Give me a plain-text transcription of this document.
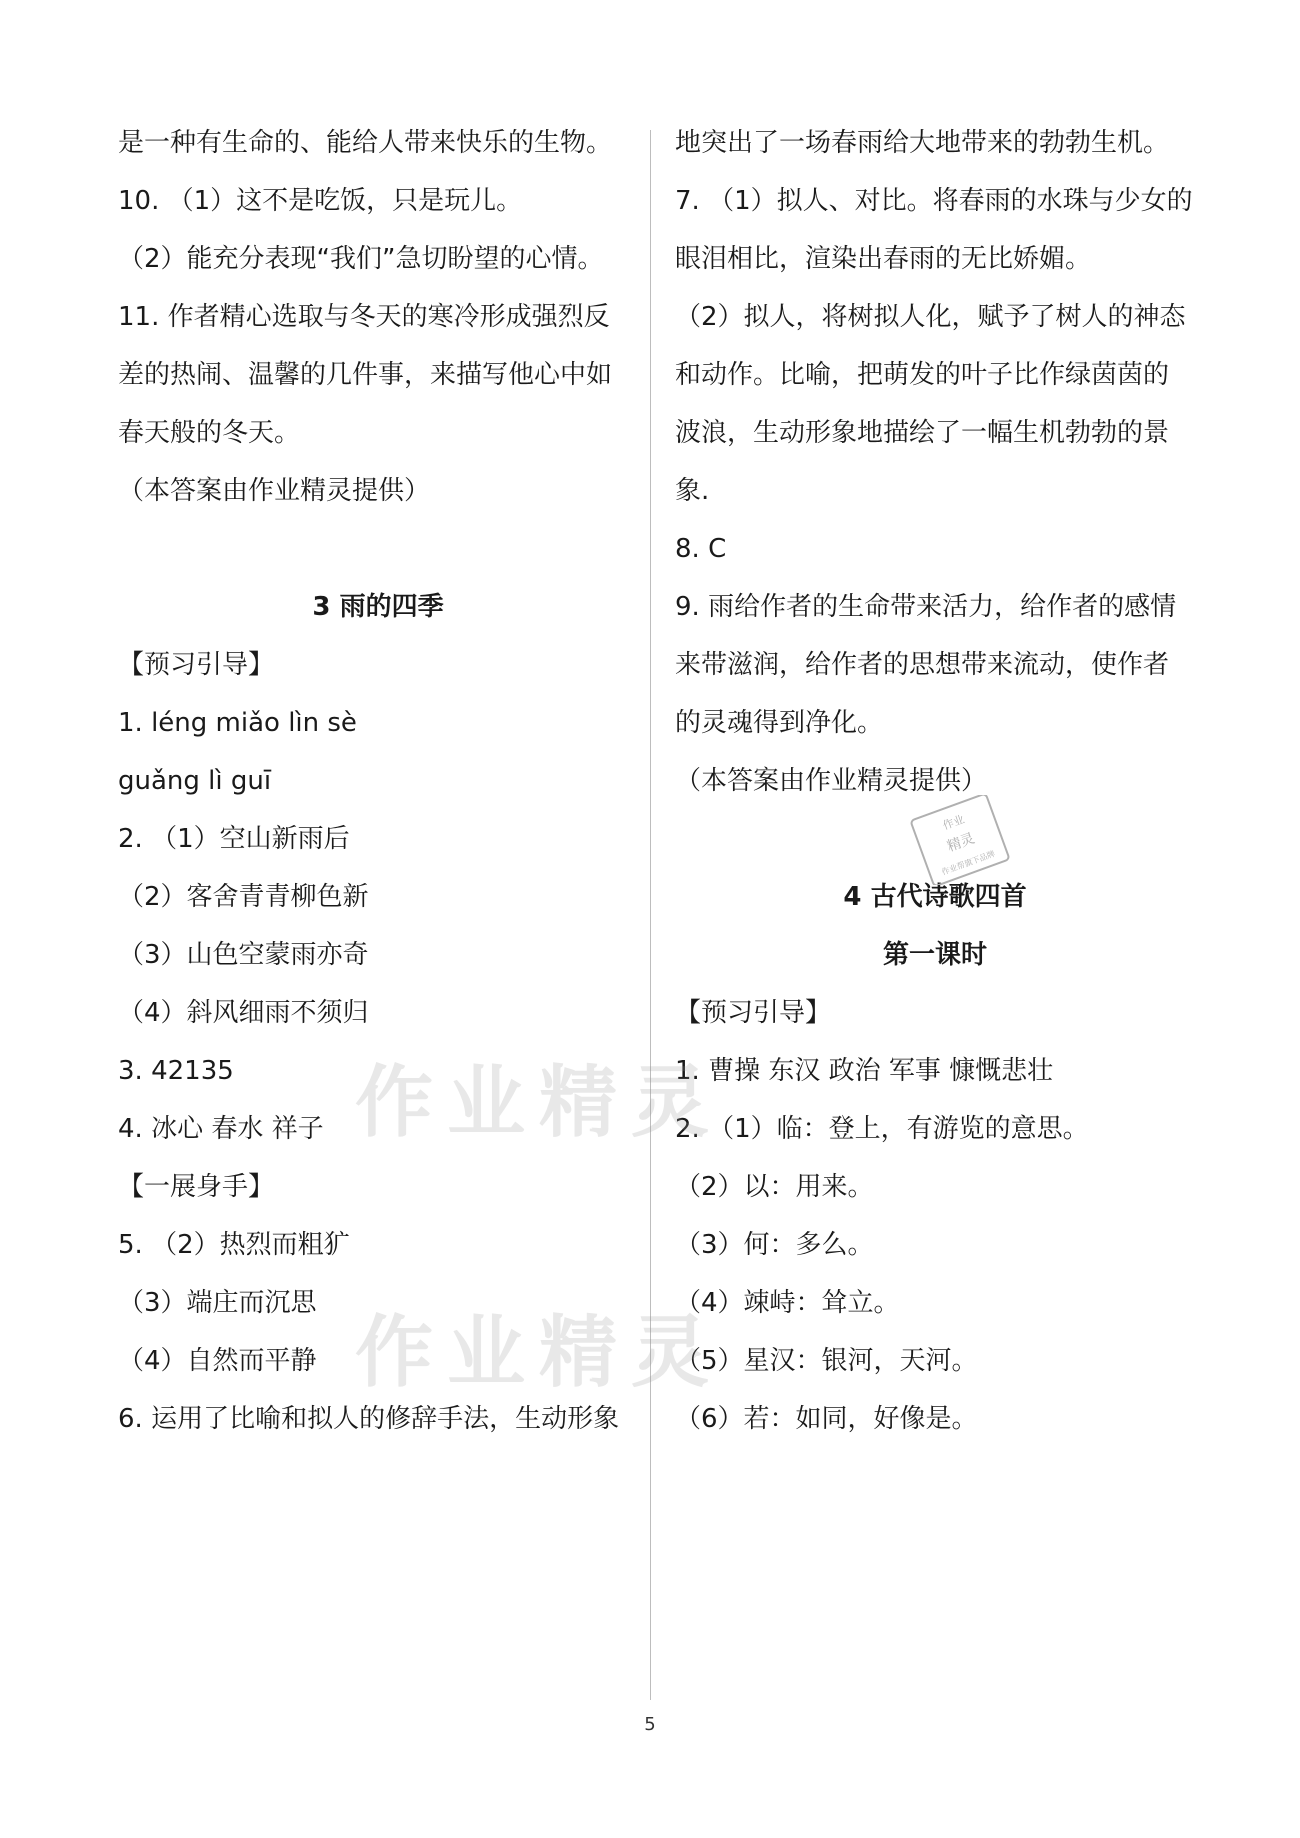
是一种有生命的、能给人带来快乐的生物。
10. （1）这不是吃饭，只是玩儿。
（2）能充分表现“我们”急切盼望的心情。
11. 作者精心选取与冬天的寒冷形成强烈反
差的热闹、温馨的几件事，来描写他心中如
春天般的冬天。
（本答案由作业精灵提供）
3 雨的四季
【预习引导】
1. léng miǎo lìn sè
guǎng lì guī
2. （1）空山新雨后
（2）客舍青青柳色新
（3）山色空蒙雨亦奇
（4）斜风细雨不须归
3. 42135
4. 冰心 春水 祥子
【一展身手】
5. （2）热烈而粗犷
（3）端庄而沉思
（4）自然而平静
6. 运用了比喻和拟人的修辞手法，生动形象
地突出了一场春雨给大地带来的勃勃生机。
7. （1）拟人、对比。将春雨的水珠与少女的
眼泪相比，渲染出春雨的无比娇媚。
（2）拟人，将树拟人化，赋予了树人的神态
和动作。比喻，把萌发的叶子比作绿茵茵的
波浪，生动形象地描绘了一幅生机勃勃的景
象.
8. C
9. 雨给作者的生命带来活力，给作者的感情
来带滋润，给作者的思想带来流动，使作者
的灵魂得到净化。
（本答案由作业精灵提供）
4 古代诗歌四首
第一课时
【预习引导】
1. 曹操 东汉 政治 军事 慷慨悲壮
2. （1）临：登上，有游览的意思。
（2）以：用来。
（3）何：多么。
（4）竦峙：耸立。
（5）星汉：银河，天河。
（6）若：如同，好像是。
作业精灵
作业精灵
作业
精灵
作业帮旗下品牌
5
